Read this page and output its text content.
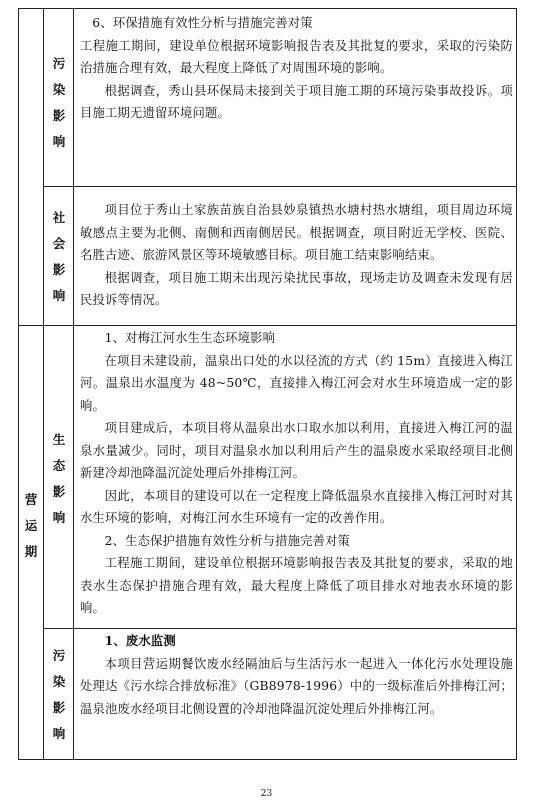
污
染
影
响
社
会
影
响
营
运
期
生
态
影
响
污
染
影
响

6、环保措施有效性分析与措施完善对策

工程施工期间，建设单位根据环境影响报告表及其批复的要求，采取的污染防治措施合理有效，最大程度上降低了对周围环境的影响。

根据调查，秀山县环保局未接到关于项目施工期的环境污染事故投诉。项目施工期无遗留环境问题。

项目位于秀山土家族苗族自治县妙泉镇热水塘村热水塘组，项目周边环境敏感点主要为北侧、南侧和西南侧居民。根据调查，项目附近无学校、医院、名胜古迹、旅游风景区等环境敏感目标。项目施工结束影响结束。

根据调查，项目施工期未出现污染扰民事故，现场走访及调查未发现有居民投诉等情况。

1、对梅江河水生生态环境影响

在项目未建设前，温泉出口处的水以径流的方式（约 15m）直接进入梅江河。温泉出水温度为 48~50℃，直接排入梅江河会对水生环境造成一定的影响。

项目建成后，本项目将从温泉出水口取水加以利用，直接进入梅江河的温泉水量减少。同时，项目对温泉水加以利用后产生的温泉废水采取经项目北侧新建冷却池降温沉淀处理后外排梅江河。

因此，本项目的建设可以在一定程度上降低温泉水直接排入梅江河时对其水生环境的影响，对梅江河水生环境有一定的改善作用。

2、生态保护措施有效性分析与措施完善对策

工程施工期间，建设单位根据环境影响报告表及其批复的要求，采取的地表水生态保护措施合理有效，最大程度上降低了项目排水对地表水环境的影响。

1、废水监测

本项目营运期餐饮废水经隔油后与生活污水一起进入一体化污水处理设施处理达《污水综合排放标准》（GB8978-1996）中的一级标准后外排梅江河；温泉池废水经项目北侧设置的冷却池降温沉淀处理后外排梅江河。

23
